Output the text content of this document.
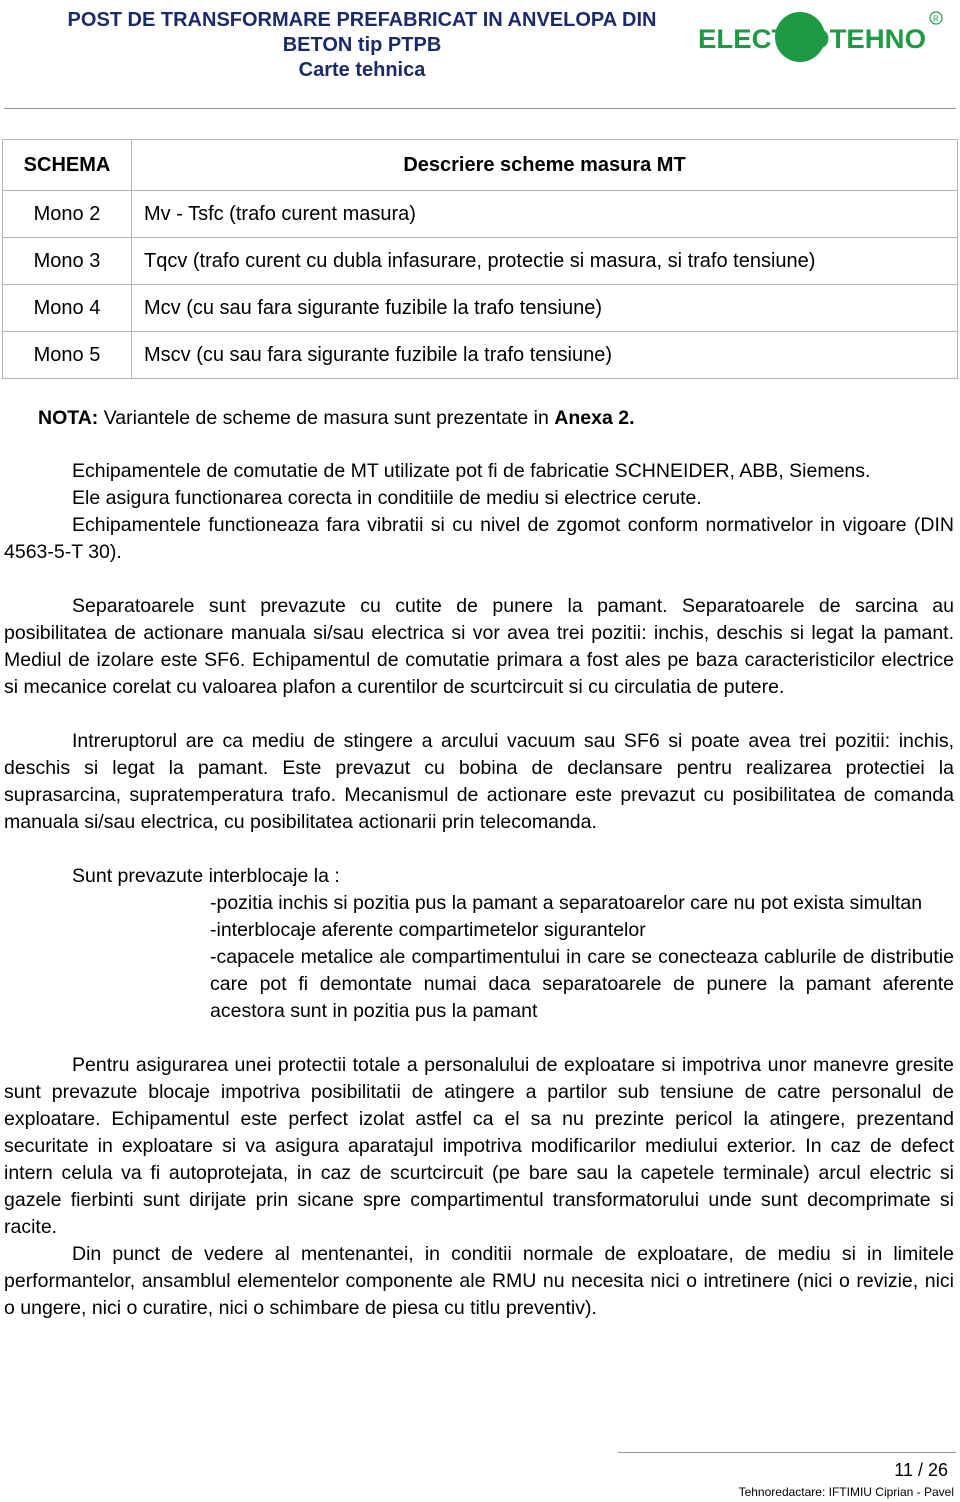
POST DE TRANSFORMARE PREFABRICAT IN ANVELOPA DIN
BETON tip PTPB
Carte tehnica
ELECTROTEHNO
R
SCHEMA	Descriere scheme masura MT
Mono 2	Mv - Tsfc (trafo curent masura)
Mono 3	Tqcv (trafo curent cu dubla infasurare, protectie si masura, si trafo tensiune)
Mono 4	Mcv (cu sau fara sigurante fuzibile la trafo tensiune)
Mono 5	Mscv (cu sau fara sigurante fuzibile la trafo tensiune)

NOTA: Variantele de scheme de masura sunt prezentate in Anexa 2.

Echipamentele de comutatie de MT utilizate pot fi de fabricatie SCHNEIDER, ABB, Siemens.

Ele asigura functionarea corecta in conditiile de mediu si electrice cerute.

Echipamentele functioneaza fara vibratii si cu nivel de zgomot conform normativelor in vigoare (DIN 4563-5-T 30).

Separatoarele sunt prevazute cu cutite de punere la pamant. Separatoarele de sarcina au posibilitatea de actionare manuala si/sau electrica si vor avea trei pozitii: inchis, deschis si legat la pamant. Mediul de izolare este SF6. Echipamentul de comutatie primara a fost ales pe baza caracteristicilor electrice si mecanice corelat cu valoarea plafon a curentilor de scurtcircuit si cu circulatia de putere.

Intreruptorul are ca mediu de stingere a arcului vacuum sau SF6 si poate avea trei pozitii: inchis, deschis si legat la pamant. Este prevazut cu bobina de declansare pentru realizarea protectiei la suprasarcina, supratemperatura trafo. Mecanismul de actionare este prevazut cu posibilitatea de comanda manuala si/sau electrica, cu posibilitatea actionarii prin telecomanda.

Sunt prevazute interblocaje la :

-pozitia inchis si pozitia pus la pamant a separatoarelor care nu pot exista simultan

-interblocaje aferente compartimetelor sigurantelor

-capacele metalice ale compartimentului in care se conecteaza cablurile de distributie care pot fi demontate numai daca separatoarele de punere la pamant aferente acestora sunt in pozitia pus la pamant

Pentru asigurarea unei protectii totale a personalului de exploatare si impotriva unor manevre gresite sunt prevazute blocaje impotriva posibilitatii de atingere a partilor sub tensiune de catre personalul de exploatare. Echipamentul este perfect izolat astfel ca el sa nu prezinte pericol la atingere, prezentand securitate in exploatare si va asigura aparatajul impotriva modificarilor mediului exterior. In caz de defect intern celula va fi autoprotejata, in caz de scurtcircuit (pe bare sau la capetele terminale) arcul electric si gazele fierbinti sunt dirijate prin sicane spre compartimentul transformatorului unde sunt decomprimate si racite.

Din punct de vedere al mentenantei, in conditii normale de exploatare, de mediu si in limitele performantelor, ansamblul elementelor componente ale RMU nu necesita nici o intretinere (nici o revizie, nici o ungere, nici o curatire, nici o schimbare de piesa cu titlu preventiv).

11 / 26
Tehnoredactare: IFTIMIU Ciprian - Pavel
